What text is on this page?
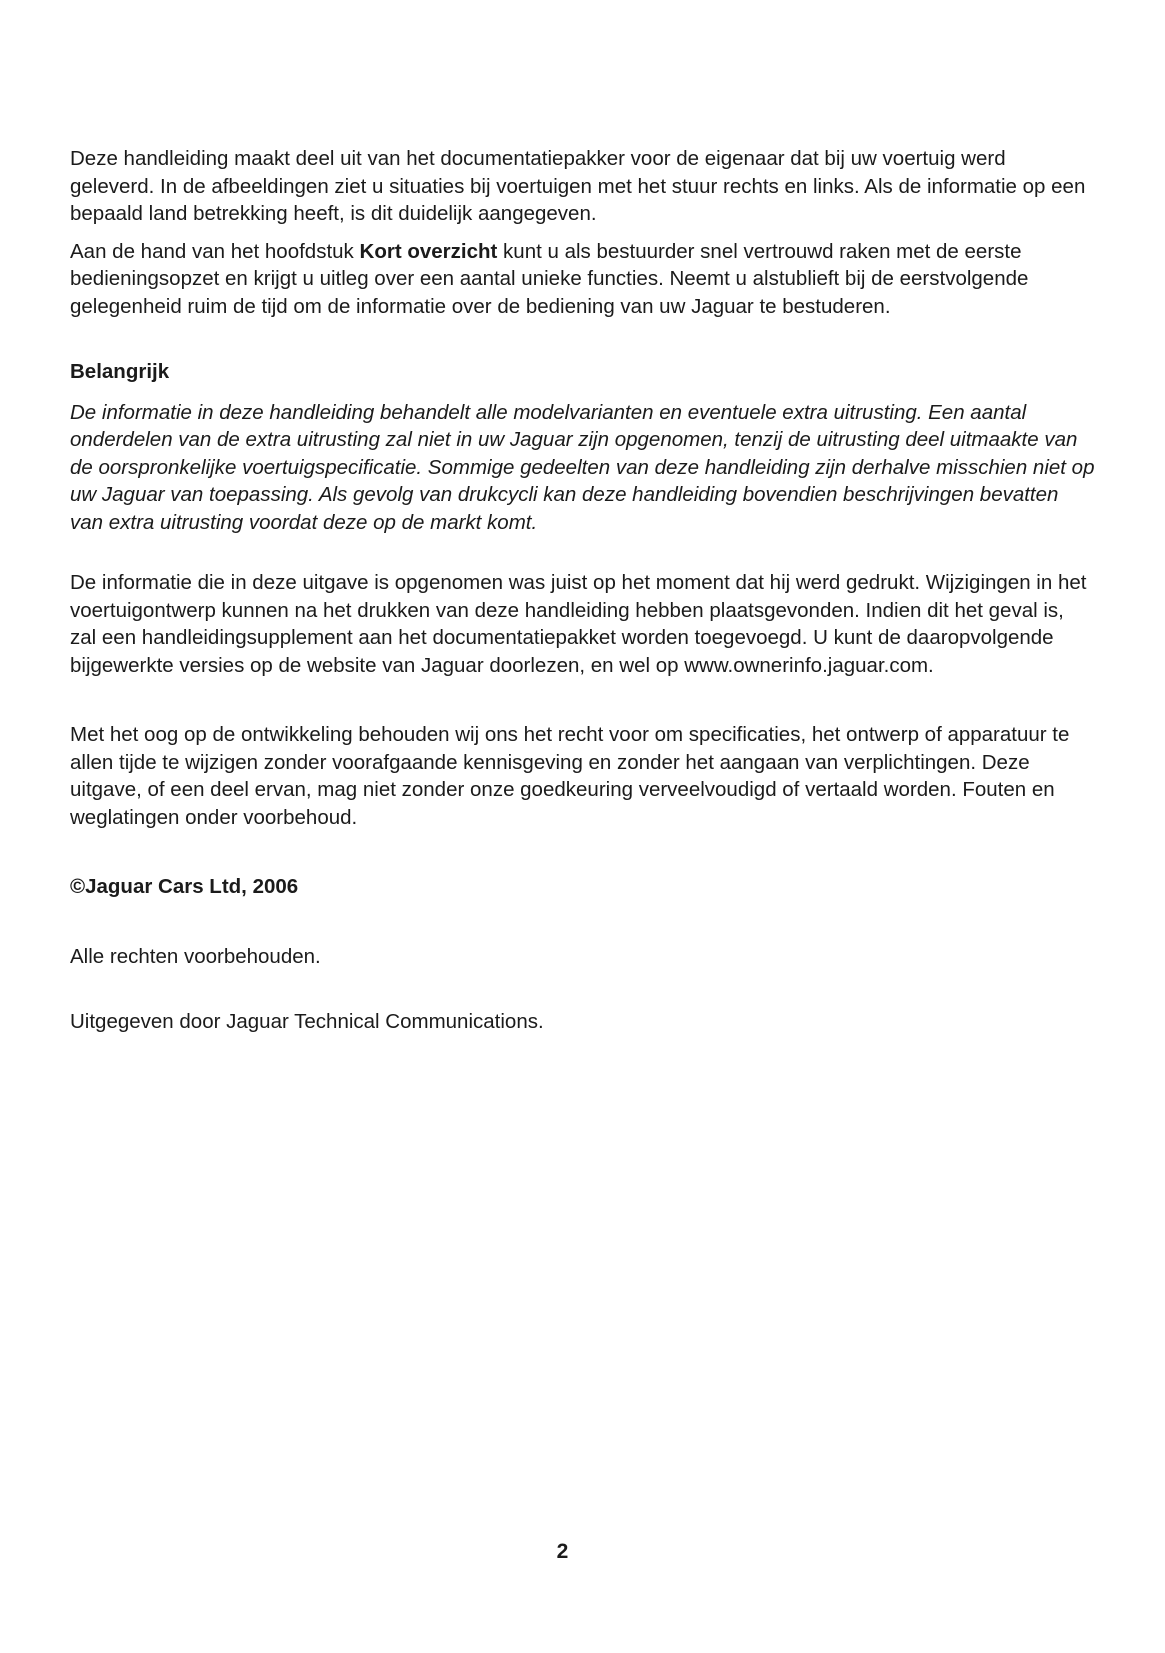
Deze handleiding maakt deel uit van het documentatiepakker voor de eigenaar dat bij uw voertuig werd geleverd. In de afbeeldingen ziet u situaties bij voertuigen met het stuur rechts en links. Als de informatie op een bepaald land betrekking heeft, is dit duidelijk aangegeven.

Aan de hand van het hoofdstuk Kort overzicht kunt u als bestuurder snel vertrouwd raken met de eerste bedieningsopzet en krijgt u uitleg over een aantal unieke functies. Neemt u alstublieft bij de eerstvolgende gelegenheid ruim de tijd om de informatie over de bediening van uw Jaguar te bestuderen.

Belangrijk

De informatie in deze handleiding behandelt alle modelvarianten en eventuele extra uitrusting. Een aantal onderdelen van de extra uitrusting zal niet in uw Jaguar zijn opgenomen, tenzij de uitrusting deel uitmaakte van de oorspronkelijke voertuigspecificatie. Sommige gedeelten van deze handleiding zijn derhalve misschien niet op uw Jaguar van toepassing. Als gevolg van drukcycli kan deze handleiding bovendien beschrijvingen bevatten van extra uitrusting voordat deze op de markt komt.

De informatie die in deze uitgave is opgenomen was juist op het moment dat hij werd gedrukt. Wijzigingen in het voertuigontwerp kunnen na het drukken van deze handleiding hebben plaatsgevonden. Indien dit het geval is, zal een handleidingsupplement aan het documentatiepakket worden toegevoegd. U kunt de daaropvolgende bijgewerkte versies op de website van Jaguar doorlezen, en wel op www.ownerinfo.jaguar.com.

Met het oog op de ontwikkeling behouden wij ons het recht voor om specificaties, het ontwerp of apparatuur te allen tijde te wijzigen zonder voorafgaande kennisgeving en zonder het aangaan van verplichtingen. Deze uitgave, of een deel ervan, mag niet zonder onze goedkeuring verveelvoudigd of vertaald worden. Fouten en weglatingen onder voorbehoud.

©Jaguar Cars Ltd, 2006

Alle rechten voorbehouden.

Uitgegeven door Jaguar Technical Communications.

2
